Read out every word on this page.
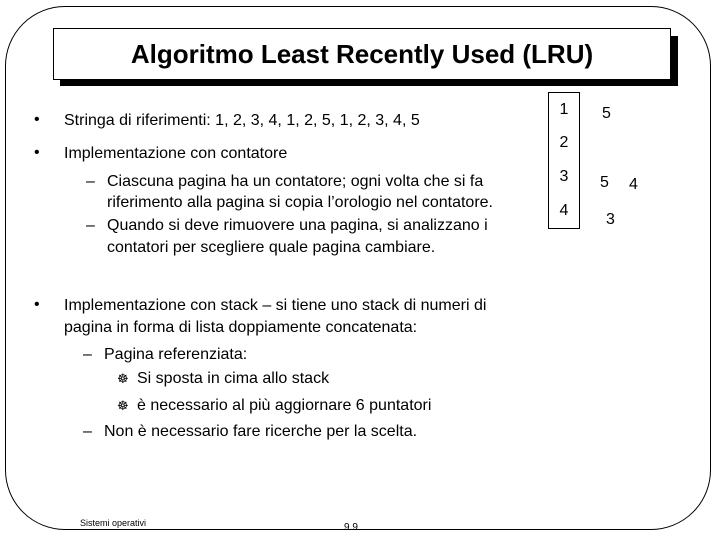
Algoritmo Least Recently Used (LRU)
• Stringa di riferimenti: 1, 2, 3, 4, 1, 2, 5, 1, 2, 3, 4, 5
• Implementazione con contatore
– Ciascuna pagina ha un contatore; ogni volta che si fa
riferimento alla pagina si copia l’orologio nel contatore.
– Quando si deve rimuovere una pagina, si analizzano i
contatori per scegliere quale pagina cambiare.
• Implementazione con stack – si tiene uno stack di numeri di
pagina in forma di lista doppiamente concatenata:
– Pagina referenziata:
☸ Si sposta in cima allo stack
☸ è necessario al più aggiornare 6 puntatori
– Non è necessario fare ricerche per la scelta.
1
2
3
4
5
5 4
3
Sistemi operativi	9.9
